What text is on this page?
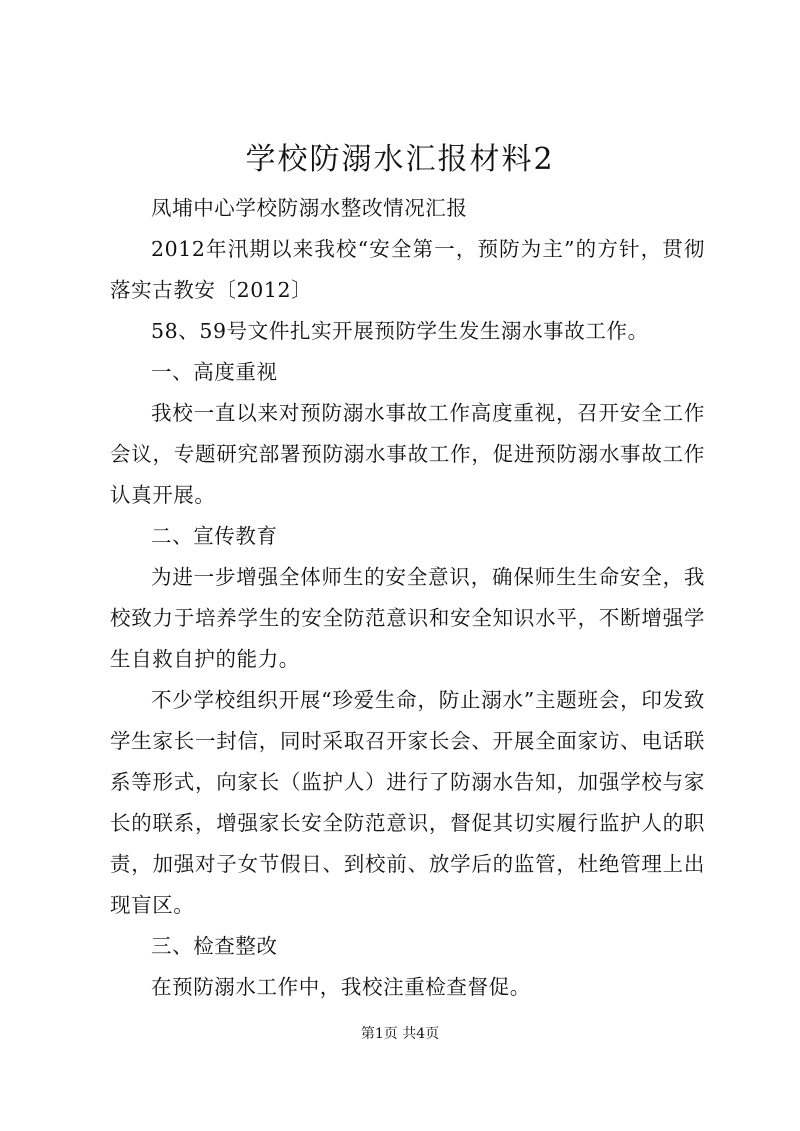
学校防溺水汇报材料2

凤埔中心学校防溺水整改情况汇报

2012年汛期以来我校“安全第一，预防为主”的方针，贯彻落实古教安〔2012〕

58、59号文件扎实开展预防学生发生溺水事故工作。

一、高度重视

我校一直以来对预防溺水事故工作高度重视，召开安全工作会议，专题研究部署预防溺水事故工作，促进预防溺水事故工作认真开展。

二、宣传教育

为进一步增强全体师生的安全意识，确保师生生命安全，我校致力于培养学生的安全防范意识和安全知识水平，不断增强学生自救自护的能力。

不少学校组织开展“珍爱生命，防止溺水”主题班会，印发致学生家长一封信，同时采取召开家长会、开展全面家访、电话联系等形式，向家长（监护人）进行了防溺水告知，加强学校与家长的联系，增强家长安全防范意识，督促其切实履行监护人的职责，加强对子女节假日、到校前、放学后的监管，杜绝管理上出现盲区。

三、检查整改

在预防溺水工作中，我校注重检查督促。

第1页 共4页
